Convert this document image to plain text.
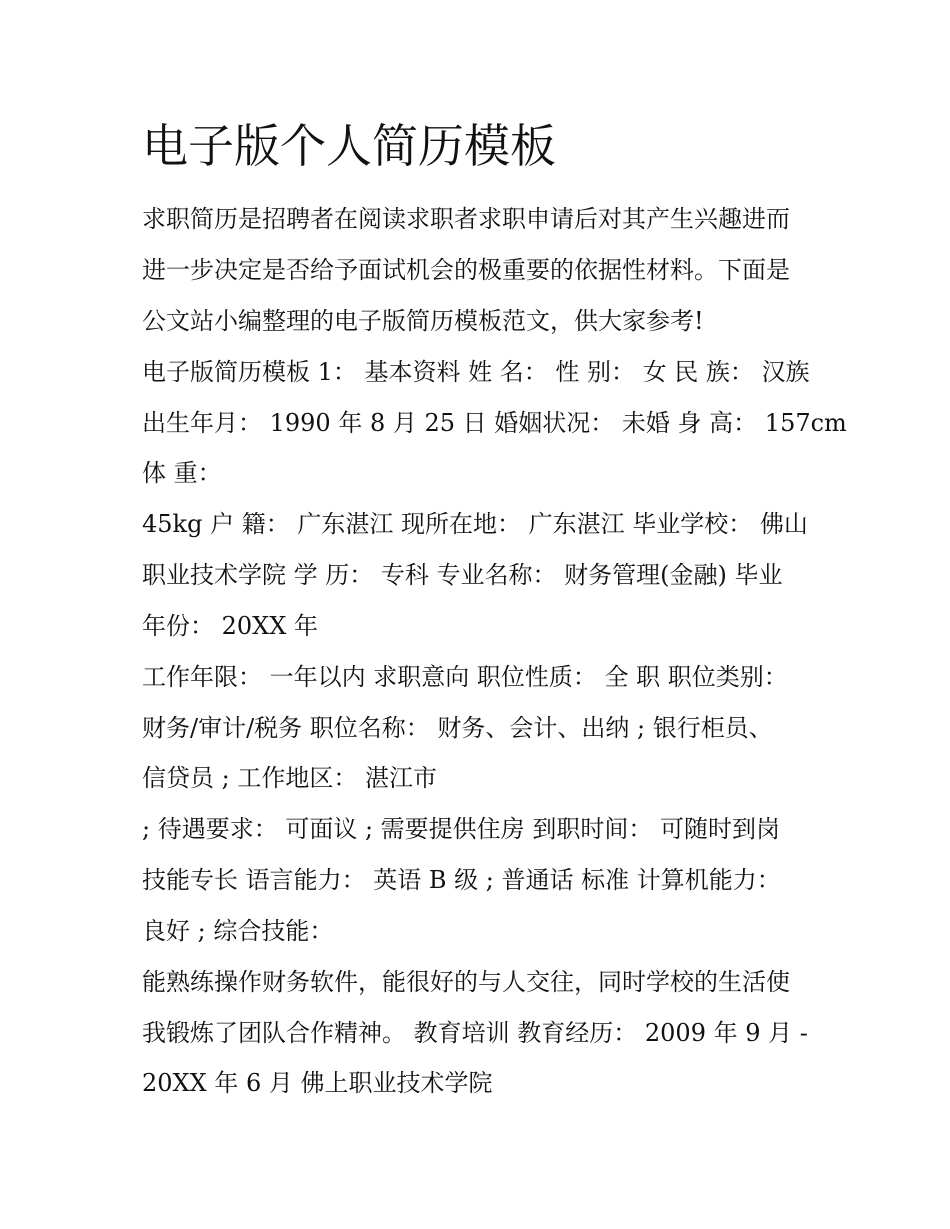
电子版个人简历模板

求职简历是招聘者在阅读求职者求职申请后对其产生兴趣进而

进一步决定是否给予面试机会的极重要的依据性材料。下面是

公文站小编整理的电子版简历模板范文，供大家参考!

电子版简历模板 1： 基本资料 姓 名： 性 别： 女 民 族： 汉族

出生年月： 1990 年 8 月 25 日 婚姻状况： 未婚 身 高： 157cm

体 重：

45kg 户 籍： 广东湛江 现所在地： 广东湛江 毕业学校： 佛山

职业技术学院 学 历： 专科 专业名称： 财务管理(金融) 毕业

年份： 20XX 年

工作年限： 一年以内 求职意向 职位性质： 全 职 职位类别：

财务/审计/税务 职位名称： 财务、会计、出纳 ; 银行柜员、

信贷员 ; 工作地区： 湛江市

; 待遇要求： 可面议 ; 需要提供住房 到职时间： 可随时到岗

技能专长 语言能力： 英语 B 级 ; 普通话 标准 计算机能力：

良好 ; 综合技能：

能熟练操作财务软件，能很好的与人交往，同时学校的生活使

我锻炼了团队合作精神。 教育培训 教育经历： 2009 年 9 月 -

20XX 年 6 月 佛上职业技术学院
